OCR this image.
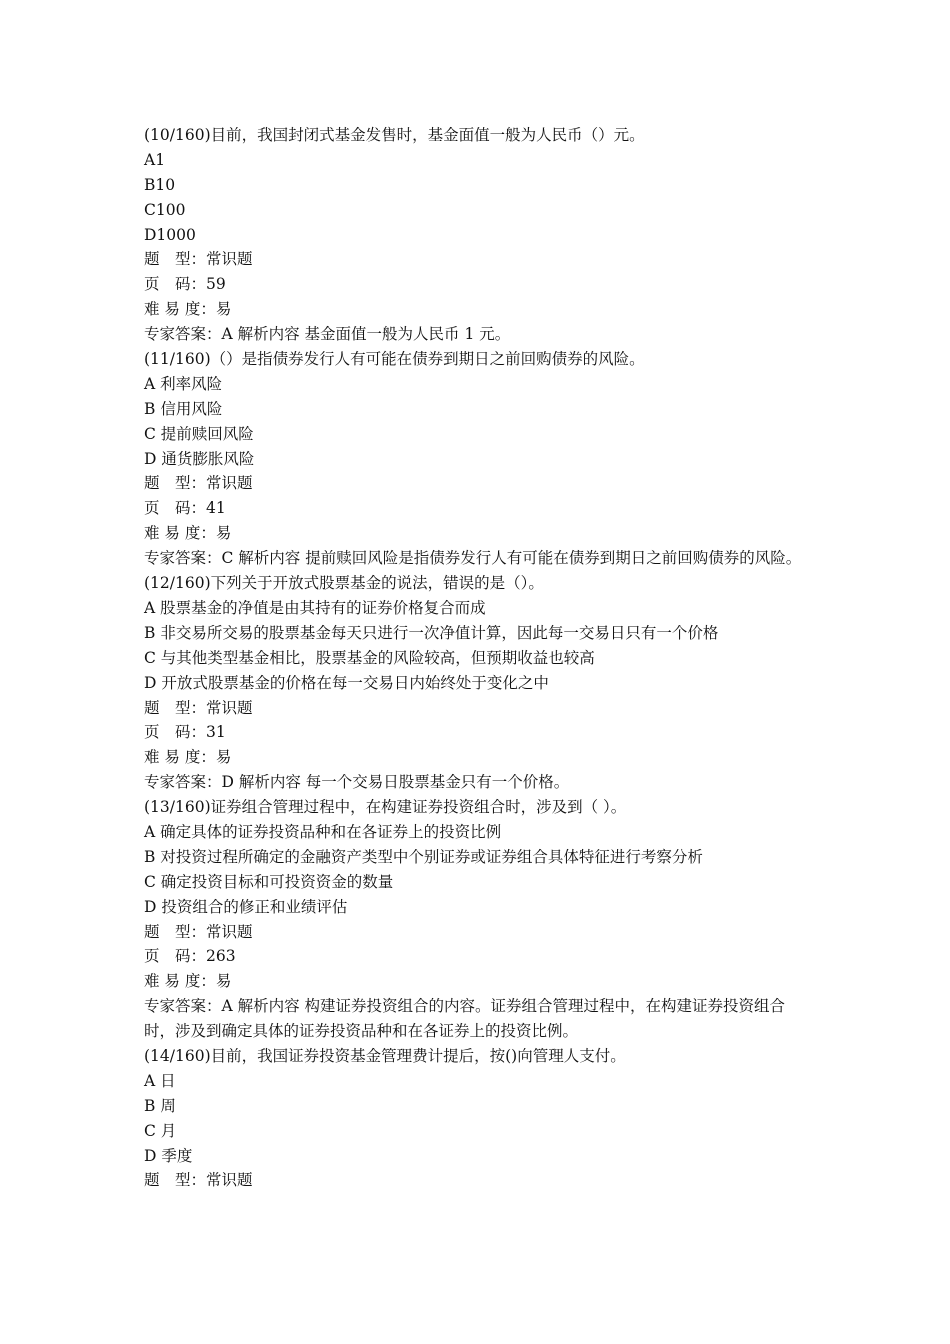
(10/160)目前，我国封闭式基金发售时，基金面值一般为人民币（）元。
A1
B10
C100
D1000
题　型：常识题
页　码：59
难 易 度：易
专家答案：A 解析内容 基金面值一般为人民币 1 元。
(11/160)（）是指债券发行人有可能在债券到期日之前回购债券的风险。
A 利率风险
B 信用风险
C 提前赎回风险
D 通货膨胀风险
题　型：常识题
页　码：41
难 易 度：易
专家答案：C 解析内容 提前赎回风险是指债券发行人有可能在债券到期日之前回购债券的风险。
(12/160)下列关于开放式股票基金的说法，错误的是（）。
A 股票基金的净值是由其持有的证券价格复合而成
B 非交易所交易的股票基金每天只进行一次净值计算，因此每一交易日只有一个价格
C 与其他类型基金相比，股票基金的风险较高，但预期收益也较高
D 开放式股票基金的价格在每一交易日内始终处于变化之中
题　型：常识题
页　码：31
难 易 度：易
专家答案：D 解析内容 每一个交易日股票基金只有一个价格。
(13/160)证券组合管理过程中，在构建证券投资组合时，涉及到（ ）。
A 确定具体的证券投资品种和在各证券上的投资比例
B 对投资过程所确定的金融资产类型中个别证券或证券组合具体特征进行考察分析
C 确定投资目标和可投资资金的数量
D 投资组合的修正和业绩评估
题　型：常识题
页　码：263
难 易 度：易
专家答案：A 解析内容 构建证券投资组合的内容。证券组合管理过程中，在构建证券投资组合时，涉及到确定具体的证券投资品种和在各证券上的投资比例。
(14/160)目前，我国证券投资基金管理费计提后，按()向管理人支付。
A 日
B 周
C 月
D 季度
题　型：常识题
